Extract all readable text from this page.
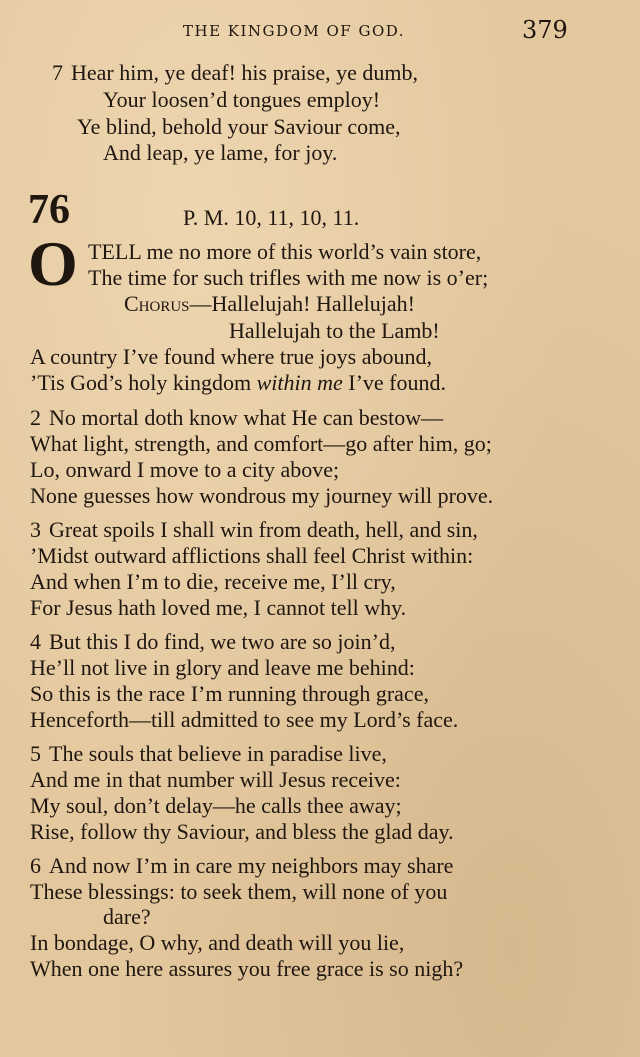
THE KINGDOM OF GOD.	379
7 Hear him, ye deaf! his praise, ye dumb,
Your loosen’d tongues employ!
Ye blind, behold your Saviour come,
And leap, ye lame, for joy.
76	P. M. 10, 11, 10, 11.
O TELL me no more of this world’s vain store,
The time for such trifles with me now is o’er;
Chorus—Hallelujah! Hallelujah!
Hallelujah to the Lamb!
A country I’ve found where true joys abound,
’Tis God’s holy kingdom within me I’ve found.
2 No mortal doth know what He can bestow—
What light, strength, and comfort—go after him, go;
Lo, onward I move to a city above;
None guesses how wondrous my journey will prove.
3 Great spoils I shall win from death, hell, and sin,
’Midst outward afflictions shall feel Christ within:
And when I’m to die, receive me, I’ll cry,
For Jesus hath loved me, I cannot tell why.
4 But this I do find, we two are so join’d,
He’ll not live in glory and leave me behind:
So this is the race I’m running through grace,
Henceforth—till admitted to see my Lord’s face.
5 The souls that believe in paradise live,
And me in that number will Jesus receive:
My soul, don’t delay—he calls thee away;
Rise, follow thy Saviour, and bless the glad day.
6 And now I’m in care my neighbors may share
These blessings: to seek them, will none of you
dare?
In bondage, O why, and death will you lie,
When one here assures you free grace is so nigh?
